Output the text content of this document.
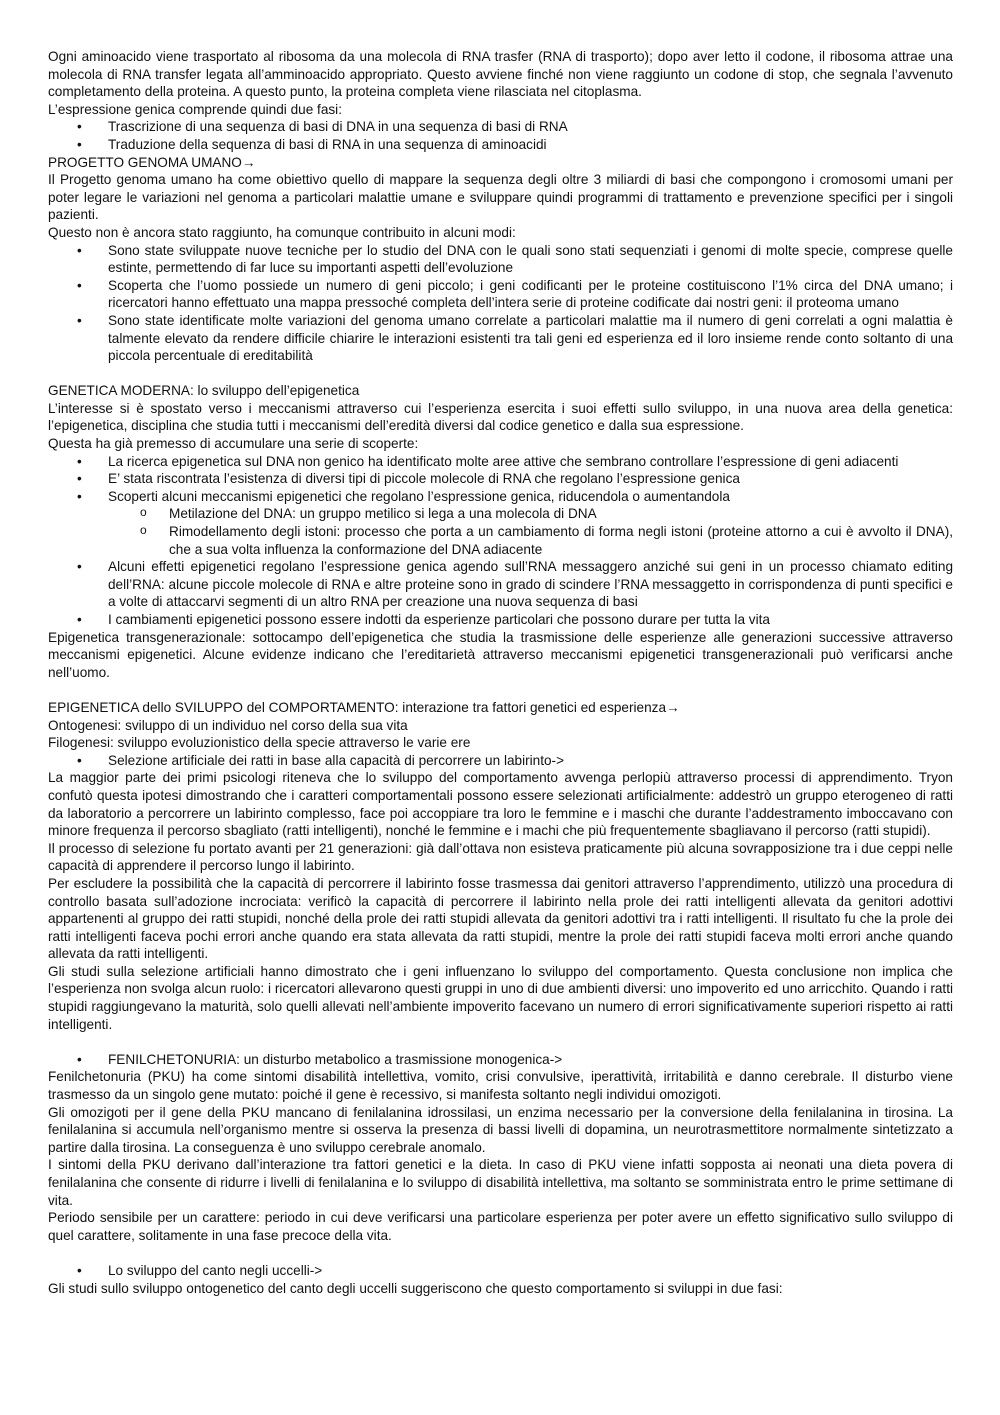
Ogni aminoacido viene trasportato al ribosoma da una molecola di RNA trasfer (RNA di trasporto); dopo aver letto il codone, il ribosoma attrae una molecola di RNA transfer legata all’amminoacido appropriato. Questo avviene finché non viene raggiunto un codone di stop, che segnala l’avvenuto completamento della proteina. A questo punto, la proteina completa viene rilasciata nel citoplasma.

L’espressione genica comprende quindi due fasi:

• Trascrizione di una sequenza di basi di DNA in una sequenza di basi di RNA
• Traduzione della sequenza di basi di RNA in una sequenza di aminoacidi

PROGETTO GENOMA UMANO→

Il Progetto genoma umano ha come obiettivo quello di mappare la sequenza degli oltre 3 miliardi di basi che compongono i cromosomi umani per poter legare le variazioni nel genoma a particolari malattie umane e sviluppare quindi programmi di trattamento e prevenzione specifici per i singoli pazienti.

Questo non è ancora stato raggiunto, ha comunque contribuito in alcuni modi:

• Sono state sviluppate nuove tecniche per lo studio del DNA con le quali sono stati sequenziati i genomi di molte specie, comprese quelle estinte, permettendo di far luce su importanti aspetti dell’evoluzione
• Scoperta che l’uomo possiede un numero di geni piccolo; i geni codificanti per le proteine costituiscono l’1% circa del DNA umano; i ricercatori hanno effettuato una mappa pressoché completa dell’intera serie di proteine codificate dai nostri geni: il proteoma umano
• Sono state identificate molte variazioni del genoma umano correlate a particolari malattie ma il numero di geni correlati a ogni malattia è talmente elevato da rendere difficile chiarire le interazioni esistenti tra tali geni ed esperienza ed il loro insieme rende conto soltanto di una piccola percentuale di ereditabilità

GENETICA MODERNA: lo sviluppo dell’epigenetica

L’interesse si è spostato verso i meccanismi attraverso cui l’esperienza esercita i suoi effetti sullo sviluppo, in una nuova area della genetica: l’epigenetica, disciplina che studia tutti i meccanismi dell’eredità diversi dal codice genetico e dalla sua espressione.

Questa ha già premesso di accumulare una serie di scoperte:

• La ricerca epigenetica sul DNA non genico ha identificato molte aree attive che sembrano controllare l’espressione di geni adiacenti
• E’ stata riscontrata l’esistenza di diversi tipi di piccole molecole di RNA che regolano l’espressione genica
• Scoperti alcuni meccanismi epigenetici che regolano l’espressione genica, riducendola o aumentandola
o Metilazione del DNA: un gruppo metilico si lega a una molecola di DNA
o Rimodellamento degli istoni: processo che porta a un cambiamento di forma negli istoni (proteine attorno a cui è avvolto il DNA), che a sua volta influenza la conformazione del DNA adiacente
• Alcuni effetti epigenetici regolano l’espressione genica agendo sull’RNA messaggero anziché sui geni in un processo chiamato editing dell’RNA: alcune piccole molecole di RNA e altre proteine sono in grado di scindere l’RNA messaggetto in corrispondenza di punti specifici e a volte di attaccarvi segmenti di un altro RNA per creazione una nuova sequenza di basi
• I cambiamenti epigenetici possono essere indotti da esperienze particolari che possono durare per tutta la vita

Epigenetica transgenerazionale: sottocampo dell’epigenetica che studia la trasmissione delle esperienze alle generazioni successive attraverso meccanismi epigenetici. Alcune evidenze indicano che l’ereditarietà attraverso meccanismi epigenetici transgenerazionali può verificarsi anche nell’uomo.

EPIGENETICA dello SVILUPPO del COMPORTAMENTO: interazione tra fattori genetici ed esperienza→

Ontogenesi: sviluppo di un individuo nel corso della sua vita

Filogenesi: sviluppo evoluzionistico della specie attraverso le varie ere

• Selezione artificiale dei ratti in base alla capacità di percorrere un labirinto->

La maggior parte dei primi psicologi riteneva che lo sviluppo del comportamento avvenga perlopiù attraverso processi di apprendimento. Tryon confutò questa ipotesi dimostrando che i caratteri comportamentali possono essere selezionati artificialmente: addestrò un gruppo eterogeneo di ratti da laboratorio a percorrere un labirinto complesso, face poi accoppiare tra loro le femmine e i maschi che durante l’addestramento imboccavano con minore frequenza il percorso sbagliato (ratti intelligenti), nonché le femmine e i machi che più frequentemente sbagliavano il percorso (ratti stupidi).

Il processo di selezione fu portato avanti per 21 generazioni: già dall’ottava non esisteva praticamente più alcuna sovrapposizione tra i due ceppi nelle capacità di apprendere il percorso lungo il labirinto.

Per escludere la possibilità che la capacità di percorrere il labirinto fosse trasmessa dai genitori attraverso l’apprendimento, utilizzò una procedura di controllo basata sull’adozione incrociata: verificò la capacità di percorrere il labirinto nella prole dei ratti intelligenti allevata da genitori adottivi appartenenti al gruppo dei ratti stupidi, nonché della prole dei ratti stupidi allevata da genitori adottivi tra i ratti intelligenti. Il risultato fu che la prole dei ratti intelligenti faceva pochi errori anche quando era stata allevata da ratti stupidi, mentre la prole dei ratti stupidi faceva molti errori anche quando allevata da ratti intelligenti.

Gli studi sulla selezione artificiali hanno dimostrato che i geni influenzano lo sviluppo del comportamento. Questa conclusione non implica che l’esperienza non svolga alcun ruolo: i ricercatori allevarono questi gruppi in uno di due ambienti diversi: uno impoverito ed uno arricchito. Quando i ratti stupidi raggiungevano la maturità, solo quelli allevati nell’ambiente impoverito facevano un numero di errori significativamente superiori rispetto ai ratti intelligenti.

• FENILCHETONURIA: un disturbo metabolico a trasmissione monogenica->

Fenilchetonuria (PKU) ha come sintomi disabilità intellettiva, vomito, crisi convulsive, iperattività, irritabilità e danno cerebrale. Il disturbo viene trasmesso da un singolo gene mutato: poiché il gene è recessivo, si manifesta soltanto negli individui omozigoti.

Gli omozigoti per il gene della PKU mancano di fenilalanina idrossilasi, un enzima necessario per la conversione della fenilalanina in tirosina. La fenilalanina si accumula nell’organismo mentre si osserva la presenza di bassi livelli di dopamina, un neurotrasmettitore normalmente sintetizzato a partire dalla tirosina. La conseguenza è uno sviluppo cerebrale anomalo.

I sintomi della PKU derivano dall’interazione tra fattori genetici e la dieta. In caso di PKU viene infatti sopposta ai neonati una dieta povera di fenilalanina che consente di ridurre i livelli di fenilalanina e lo sviluppo di disabilità intellettiva, ma soltanto se somministrata entro le prime settimane di vita.

Periodo sensibile per un carattere: periodo in cui deve verificarsi una particolare esperienza per poter avere un effetto significativo sullo sviluppo di quel carattere, solitamente in una fase precoce della vita.

• Lo sviluppo del canto negli uccelli->

Gli studi sullo sviluppo ontogenetico del canto degli uccelli suggeriscono che questo comportamento si sviluppi in due fasi:
